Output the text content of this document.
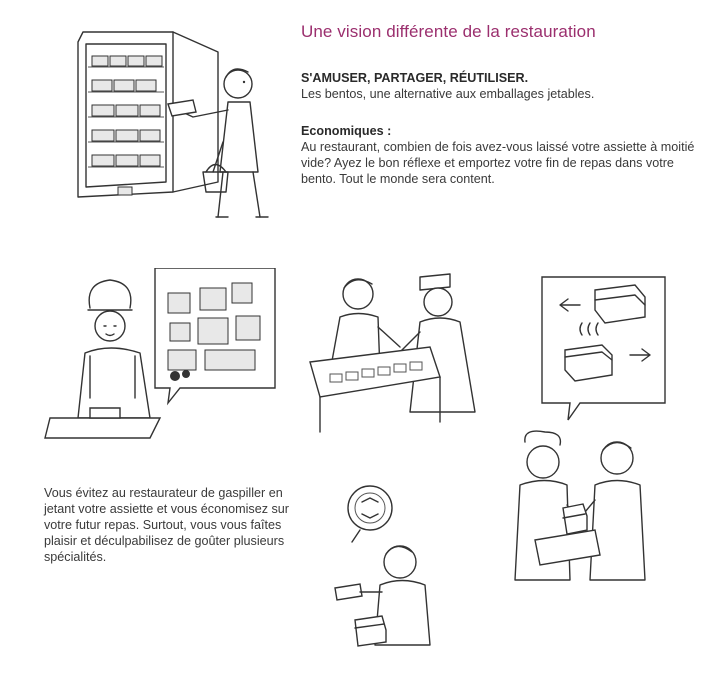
Une vision différente de la restauration
S'AMUSER, PARTAGER, RÉUTILISER.
Les bentos, une alternative aux emballages jetables.
Economiques :
Au restaurant, combien de fois avez-vous laissé votre assiette à moitié vide? Ayez le bon réflexe et emportez votre fin de repas dans votre bento. Tout le monde sera content.
Vous évitez au restaurateur de gaspiller en jetant votre assiette et vous économisez sur votre futur repas. Surtout, vous vous faîtes plaisir et déculpabilisez de goûter plusieurs spécialités.
